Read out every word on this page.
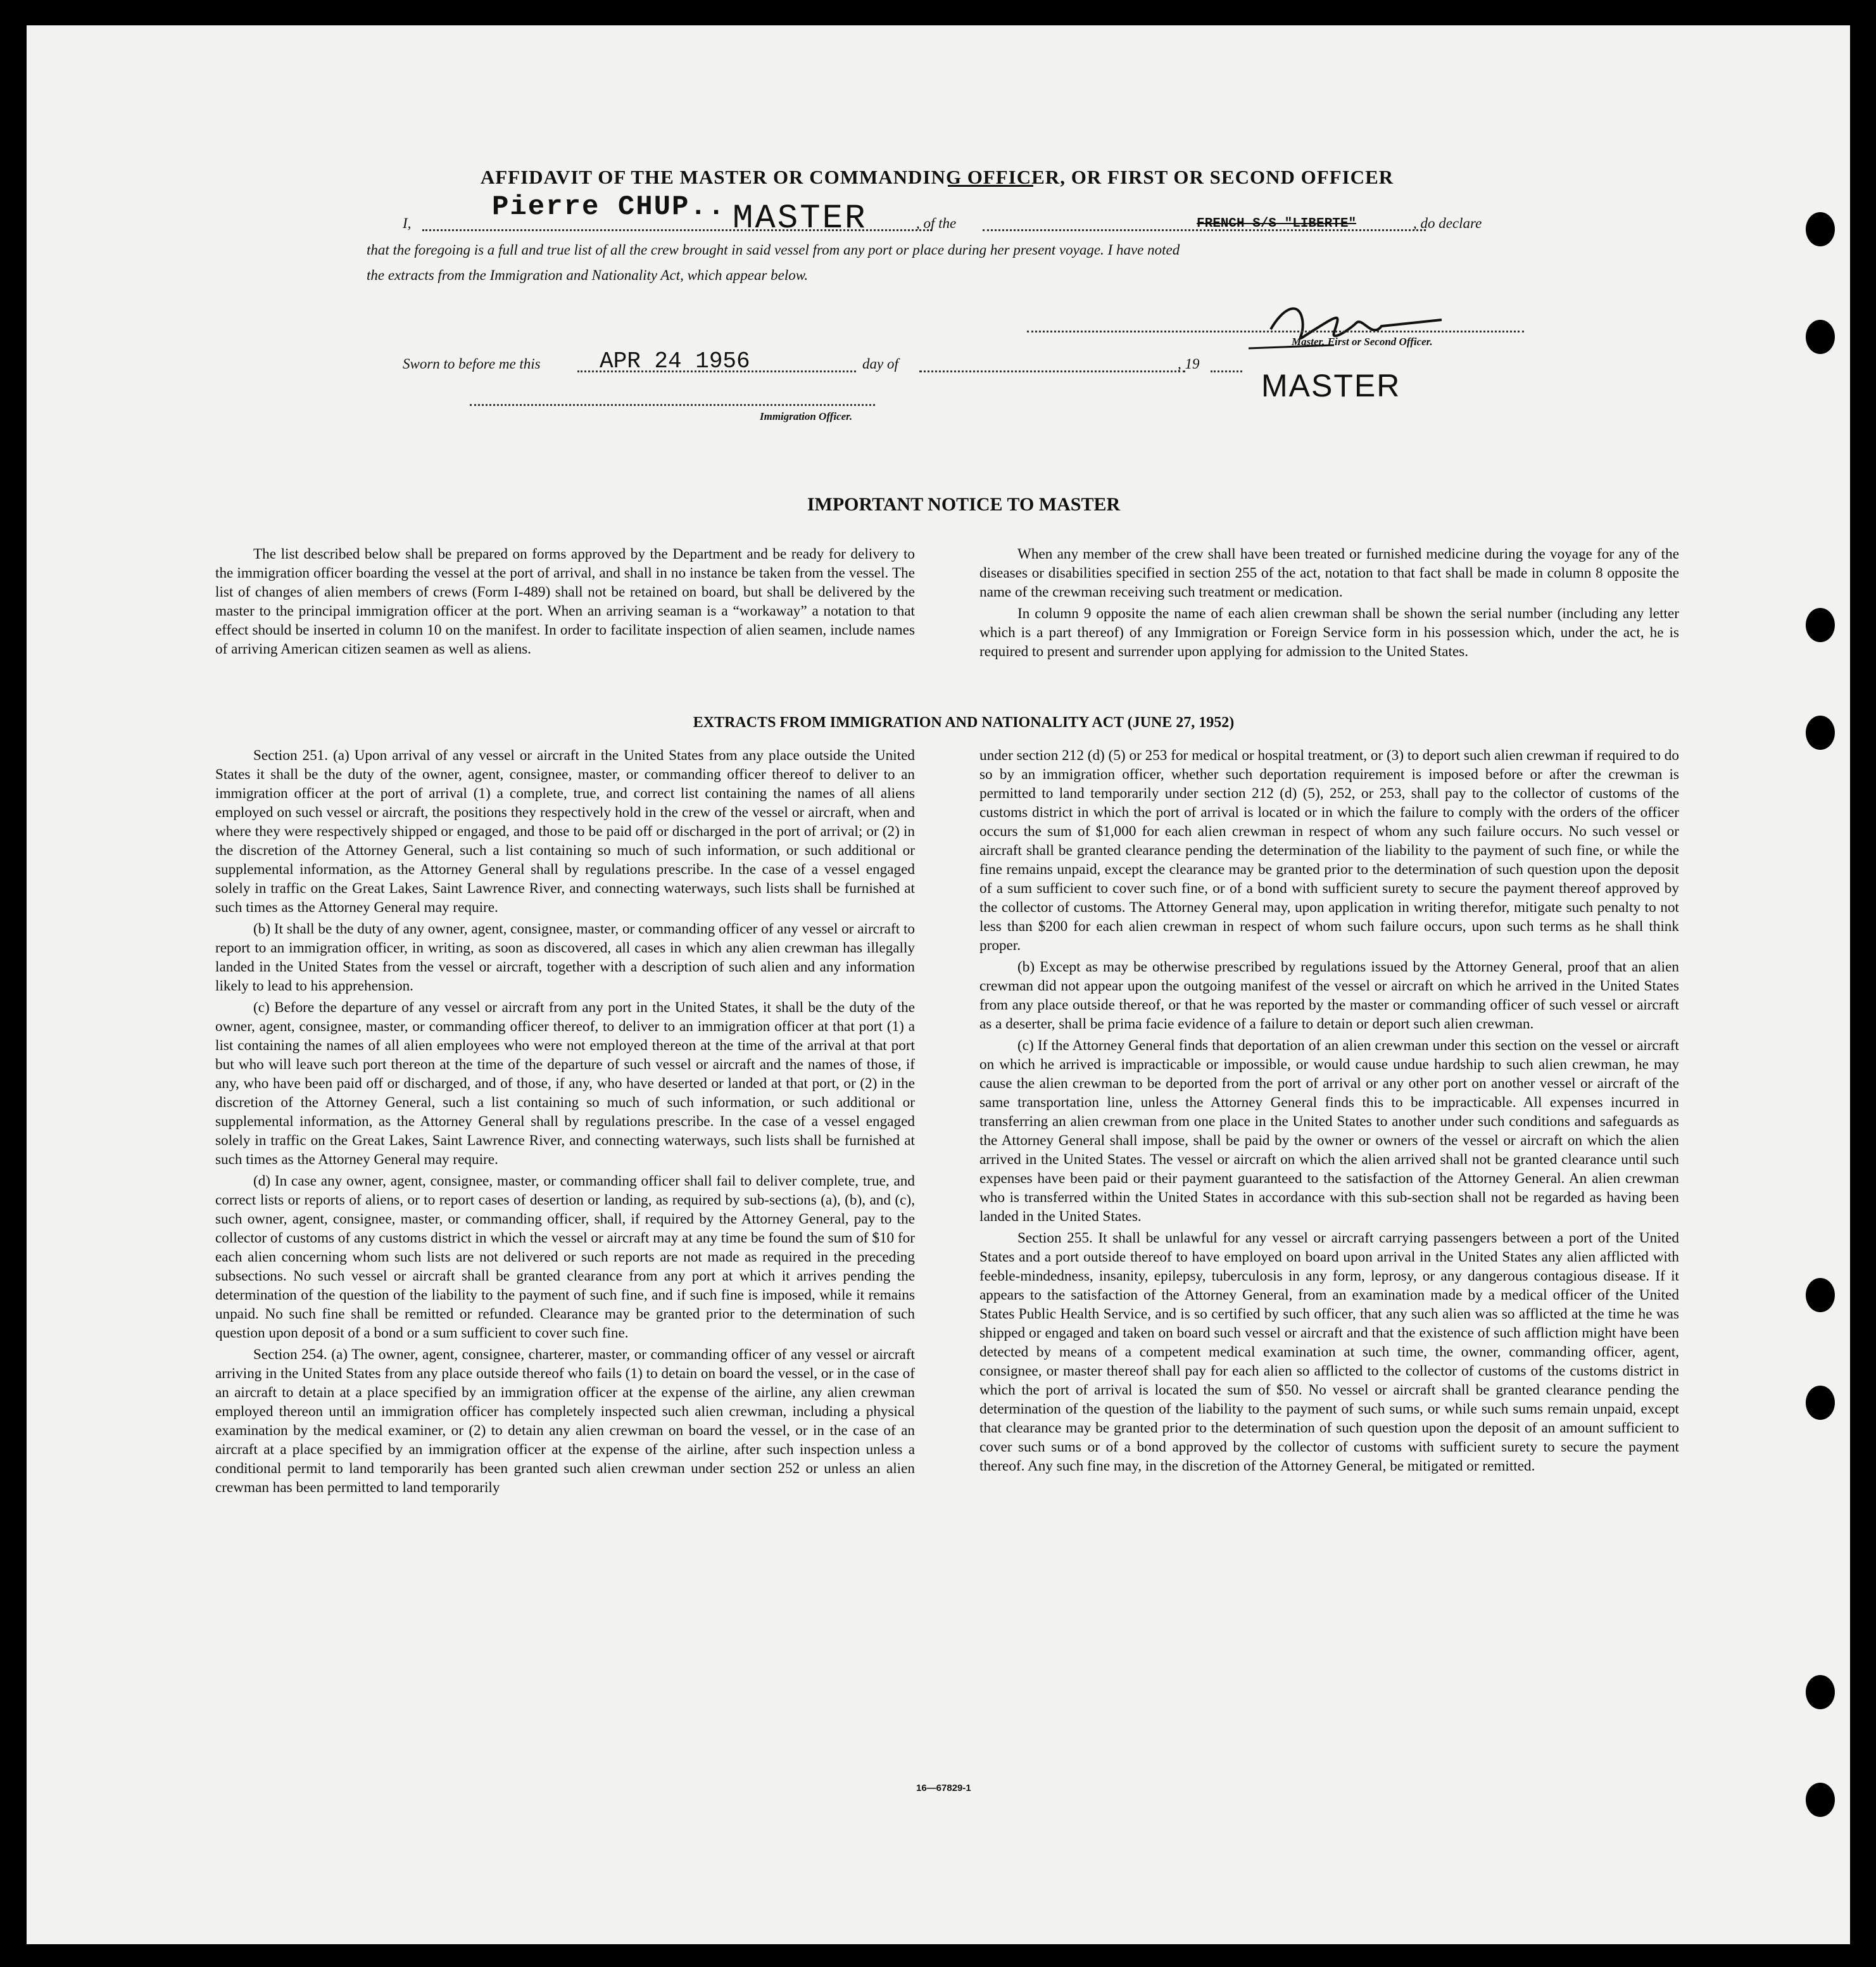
AFFIDAVIT OF THE MASTER OR COMMANDING OFFICER, OR FIRST OR SECOND OFFICER
Pierre CHUP..
I,	MASTER	, of the	FRENCH S/S "LIBERTE"	, do declare
that the foregoing is a full and true list of all the crew brought in said vessel from any port or place during her present voyage. I have noted
the extracts from the Immigration and Nationality Act, which appear below.
Master, First or Second Officer.
MASTER
Sworn to before me this	APR 24 1956	day of	, 19
Immigration Officer.
IMPORTANT NOTICE TO MASTER

The list described below shall be prepared on forms approved by the Department and be ready for delivery to the immigration officer boarding the vessel at the port of arrival, and shall in no instance be taken from the vessel. The list of changes of alien members of crews (Form I-489) shall not be retained on board, but shall be delivered by the master to the principal immigration officer at the port. When an arriving seaman is a “workaway” a notation to that effect should be inserted in column 10 on the manifest. In order to facilitate inspection of alien seamen, include names of arriving American citizen seamen as well as aliens.

When any member of the crew shall have been treated or furnished medicine during the voyage for any of the diseases or disabilities specified in section 255 of the act, notation to that fact shall be made in column 8 opposite the name of the crewman receiving such treatment or medication.

In column 9 opposite the name of each alien crewman shall be shown the serial number (including any letter which is a part thereof) of any Immigration or Foreign Service form in his possession which, under the act, he is required to present and surrender upon applying for admission to the United States.

EXTRACTS FROM IMMIGRATION AND NATIONALITY ACT (JUNE 27, 1952)

Section 251. (a) Upon arrival of any vessel or aircraft in the United States from any place outside the United States it shall be the duty of the owner, agent, consignee, master, or commanding officer thereof to deliver to an immigration officer at the port of arrival (1) a complete, true, and correct list containing the names of all aliens employed on such vessel or aircraft, the positions they respectively hold in the crew of the vessel or aircraft, when and where they were respectively shipped or engaged, and those to be paid off or discharged in the port of arrival; or (2) in the discretion of the Attorney General, such a list containing so much of such information, or such additional or supplemental information, as the Attorney General shall by regulations prescribe. In the case of a vessel engaged solely in traffic on the Great Lakes, Saint Lawrence River, and connecting waterways, such lists shall be furnished at such times as the Attorney General may require.

(b) It shall be the duty of any owner, agent, consignee, master, or commanding officer of any vessel or aircraft to report to an immigration officer, in writing, as soon as discovered, all cases in which any alien crewman has illegally landed in the United States from the vessel or aircraft, together with a description of such alien and any information likely to lead to his apprehension.

(c) Before the departure of any vessel or aircraft from any port in the United States, it shall be the duty of the owner, agent, consignee, master, or commanding officer thereof, to deliver to an immigration officer at that port (1) a list containing the names of all alien employees who were not employed thereon at the time of the arrival at that port but who will leave such port thereon at the time of the departure of such vessel or aircraft and the names of those, if any, who have been paid off or discharged, and of those, if any, who have deserted or landed at that port, or (2) in the discretion of the Attorney General, such a list containing so much of such information, or such additional or supplemental information, as the Attorney General shall by regulations prescribe. In the case of a vessel engaged solely in traffic on the Great Lakes, Saint Lawrence River, and connecting waterways, such lists shall be furnished at such times as the Attorney General may require.

(d) In case any owner, agent, consignee, master, or commanding officer shall fail to deliver complete, true, and correct lists or reports of aliens, or to report cases of desertion or landing, as required by sub-sections (a), (b), and (c), such owner, agent, consignee, master, or commanding officer, shall, if required by the Attorney General, pay to the collector of customs of any customs district in which the vessel or aircraft may at any time be found the sum of $10 for each alien concerning whom such lists are not delivered or such reports are not made as required in the preceding subsections. No such vessel or aircraft shall be granted clearance from any port at which it arrives pending the determination of the question of the liability to the payment of such fine, and if such fine is imposed, while it remains unpaid. No such fine shall be remitted or refunded. Clearance may be granted prior to the determination of such question upon deposit of a bond or a sum sufficient to cover such fine.

Section 254. (a) The owner, agent, consignee, charterer, master, or commanding officer of any vessel or aircraft arriving in the United States from any place outside thereof who fails (1) to detain on board the vessel, or in the case of an aircraft to detain at a place specified by an immigration officer at the expense of the airline, any alien crewman employed thereon until an immigration officer has completely inspected such alien crewman, including a physical examination by the medical examiner, or (2) to detain any alien crewman on board the vessel, or in the case of an aircraft at a place specified by an immigration officer at the expense of the airline, after such inspection unless a conditional permit to land temporarily has been granted such alien crewman under section 252 or unless an alien crewman has been permitted to land temporarily

under section 212 (d) (5) or 253 for medical or hospital treatment, or (3) to deport such alien crewman if required to do so by an immigration officer, whether such deportation requirement is imposed before or after the crewman is permitted to land temporarily under section 212 (d) (5), 252, or 253, shall pay to the collector of customs of the customs district in which the port of arrival is located or in which the failure to comply with the orders of the officer occurs the sum of $1,000 for each alien crewman in respect of whom any such failure occurs. No such vessel or aircraft shall be granted clearance pending the determination of the liability to the payment of such fine, or while the fine remains unpaid, except the clearance may be granted prior to the determination of such question upon the deposit of a sum sufficient to cover such fine, or of a bond with sufficient surety to secure the payment thereof approved by the collector of customs. The Attorney General may, upon application in writing therefor, mitigate such penalty to not less than $200 for each alien crewman in respect of whom such failure occurs, upon such terms as he shall think proper.

(b) Except as may be otherwise prescribed by regulations issued by the Attorney General, proof that an alien crewman did not appear upon the outgoing manifest of the vessel or aircraft on which he arrived in the United States from any place outside thereof, or that he was reported by the master or commanding officer of such vessel or aircraft as a deserter, shall be prima facie evidence of a failure to detain or deport such alien crewman.

(c) If the Attorney General finds that deportation of an alien crewman under this section on the vessel or aircraft on which he arrived is impracticable or impossible, or would cause undue hardship to such alien crewman, he may cause the alien crewman to be deported from the port of arrival or any other port on another vessel or aircraft of the same transportation line, unless the Attorney General finds this to be impracticable. All expenses incurred in transferring an alien crewman from one place in the United States to another under such conditions and safeguards as the Attorney General shall impose, shall be paid by the owner or owners of the vessel or aircraft on which the alien arrived in the United States. The vessel or aircraft on which the alien arrived shall not be granted clearance until such expenses have been paid or their payment guaranteed to the satisfaction of the Attorney General. An alien crewman who is transferred within the United States in accordance with this sub-section shall not be regarded as having been landed in the United States.

Section 255. It shall be unlawful for any vessel or aircraft carrying passengers between a port of the United States and a port outside thereof to have employed on board upon arrival in the United States any alien afflicted with feeble-mindedness, insanity, epilepsy, tuberculosis in any form, leprosy, or any dangerous contagious disease. If it appears to the satisfaction of the Attorney General, from an examination made by a medical officer of the United States Public Health Service, and is so certified by such officer, that any such alien was so afflicted at the time he was shipped or engaged and taken on board such vessel or aircraft and that the existence of such affliction might have been detected by means of a competent medical examination at such time, the owner, commanding officer, agent, consignee, or master thereof shall pay for each alien so afflicted to the collector of customs of the customs district in which the port of arrival is located the sum of $50. No vessel or aircraft shall be granted clearance pending the determination of the question of the liability to the payment of such sums, or while such sums remain unpaid, except that clearance may be granted prior to the determination of such question upon the deposit of an amount sufficient to cover such sums or of a bond approved by the collector of customs with sufficient surety to secure the payment thereof. Any such fine may, in the discretion of the Attorney General, be mitigated or remitted.

16—67829-1
